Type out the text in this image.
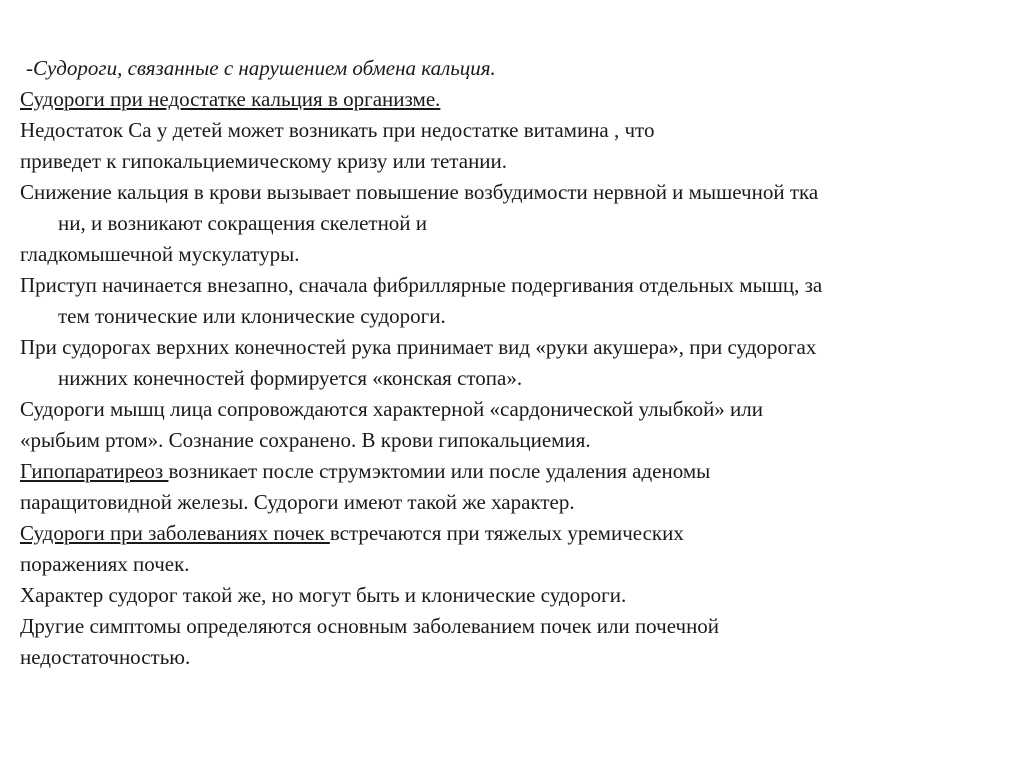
-Судороги, связанные с нарушением обмена кальция.
Судороги при недостатке кальция в организме.
Недостаток Са у детей может возникать при недостатке витамина , что
приведет к гипокальциемическому кризу или тетании.
Снижение кальция в крови вызывает повышение возбудимости нервной и мышечной тка
ни, и возникают сокращения скелетной и
гладкомышечной мускулатуры.
Приступ начинается внезапно, сначала фибриллярные подергивания отдельных мышц, за
тем тонические или клонические судороги.
При судорогах верхних конечностей рука принимает вид «руки акушера», при судорогах
нижних конечностей формируется «конская стопа».
Судороги мышц лица сопровождаются характерной «сардонической улыбкой» или
«рыбьим ртом». Сознание сохранено. В крови гипокальциемия.
Гипопаратиреоз возникает после струмэктомии или после удаления аденомы
паращитовидной железы. Судороги имеют такой же характер.
Судороги при заболеваниях почек встречаются при тяжелых уремических
поражениях почек.
Характер судорог такой же, но могут быть и клонические судороги.
Другие симптомы определяются основным заболеванием почек или почечной
недостаточностью.
